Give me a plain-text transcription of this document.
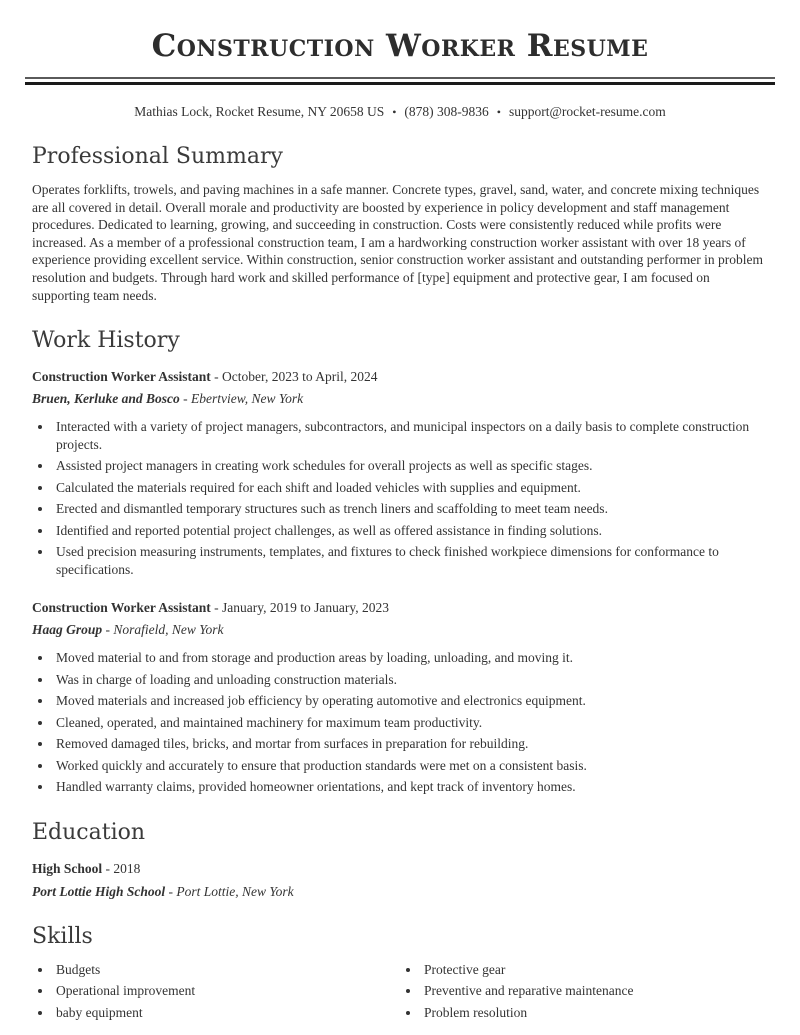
Construction Worker Resume
Mathias Lock, Rocket Resume, NY 20658 US • (878) 308-9836 • support@rocket-resume.com
Professional Summary

Operates forklifts, trowels, and paving machines in a safe manner. Concrete types, gravel, sand, water, and concrete mixing techniques are all covered in detail. Overall morale and productivity are boosted by experience in policy development and staff management procedures. Dedicated to learning, growing, and succeeding in construction. Costs were consistently reduced while profits were increased. As a member of a professional construction team, I am a hardworking construction worker assistant with over 18 years of experience providing excellent service. Within construction, senior construction worker assistant and outstanding performer in problem resolution and budgets. Through hard work and skilled performance of [type] equipment and protective gear, I am focused on supporting team needs.

Work History
Construction Worker Assistant - October, 2023 to April, 2024
Bruen, Kerluke and Bosco - Ebertview, New York
• Interacted with a variety of project managers, subcontractors, and municipal inspectors on a daily basis to complete construction projects.
• Assisted project managers in creating work schedules for overall projects as well as specific stages.
• Calculated the materials required for each shift and loaded vehicles with supplies and equipment.
• Erected and dismantled temporary structures such as trench liners and scaffolding to meet team needs.
• Identified and reported potential project challenges, as well as offered assistance in finding solutions.
• Used precision measuring instruments, templates, and fixtures to check finished workpiece dimensions for conformance to specifications.
Construction Worker Assistant - January, 2019 to January, 2023
Haag Group - Norafield, New York
• Moved material to and from storage and production areas by loading, unloading, and moving it.
• Was in charge of loading and unloading construction materials.
• Moved materials and increased job efficiency by operating automotive and electronics equipment.
• Cleaned, operated, and maintained machinery for maximum team productivity.
• Removed damaged tiles, bricks, and mortar from surfaces in preparation for rebuilding.
• Worked quickly and accurately to ensure that production standards were met on a consistent basis.
• Handled warranty claims, provided homeowner orientations, and kept track of inventory homes.
Education
High School - 2018
Port Lottie High School - Port Lottie, New York
Skills
• Budgets
• Operational improvement
• baby equipment
• Protective gear
• Preventive and reparative maintenance
• Problem resolution
